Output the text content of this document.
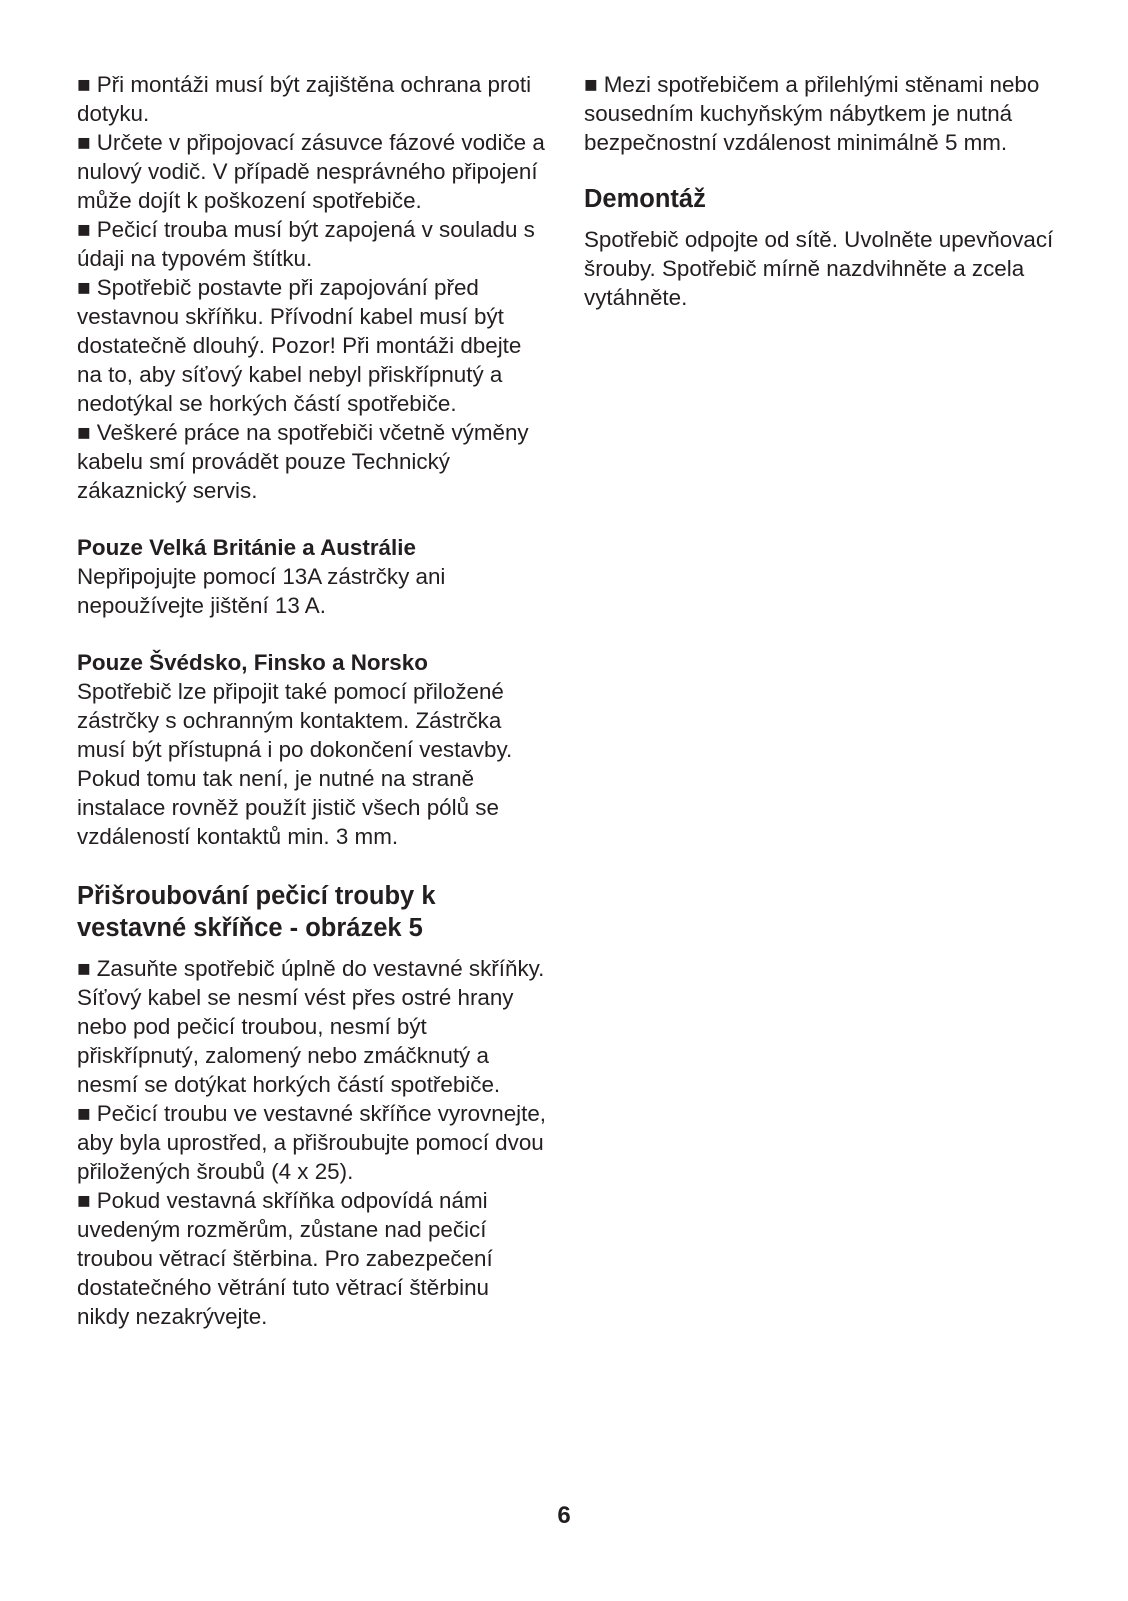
■ Při montáži musí být zajištěna ochrana proti dotyku.

■ Určete v připojovací zásuvce fázové vodiče a nulový vodič. V případě nesprávného připojení může dojít k poškození spotřebiče.

■ Pečicí trouba musí být zapojená v souladu s údaji na typovém štítku.

■ Spotřebič postavte při zapojování před vestavnou skříňku. Přívodní kabel musí být dostatečně dlouhý. Pozor! Při montáži dbejte na to, aby síťový kabel nebyl přiskřípnutý a nedotýkal se horkých částí spotřebiče.

■ Veškeré práce na spotřebiči včetně výměny kabelu smí provádět pouze Technický zákaznický servis.

Pouze Velká Británie a Austrálie

Nepřipojujte pomocí 13A zástrčky ani nepoužívejte jištění 13 A.

Pouze Švédsko, Finsko a Norsko

Spotřebič lze připojit také pomocí přiložené zástrčky s ochranným kontaktem. Zástrčka musí být přístupná i po dokončení vestavby. Pokud tomu tak není, je nutné na straně instalace rovněž použít jistič všech pólů se vzdáleností kontaktů min. 3 mm.

Přišroubování pečicí trouby k vestavné skříňce - obrázek 5

■ Zasuňte spotřebič úplně do vestavné skříňky. Síťový kabel se nesmí vést přes ostré hrany nebo pod pečicí troubou, nesmí být přiskřípnutý, zalomený nebo zmáčknutý a nesmí se dotýkat horkých částí spotřebiče.

■ Pečicí troubu ve vestavné skříňce vyrovnejte, aby byla uprostřed, a přišroubujte pomocí dvou přiložených šroubů (4 x 25).

■ Pokud vestavná skříňka odpovídá námi uvedeným rozměrům, zůstane nad pečicí troubou větrací štěrbina. Pro zabezpečení dostatečného větrání tuto větrací štěrbinu nikdy nezakrývejte.

■ Mezi spotřebičem a přilehlými stěnami nebo sousedním kuchyňským nábytkem je nutná bezpečnostní vzdálenost minimálně 5 mm.

Demontáž

Spotřebič odpojte od sítě. Uvolněte upevňovací šrouby. Spotřebič mírně nazdvihněte a zcela vytáhněte.

6
